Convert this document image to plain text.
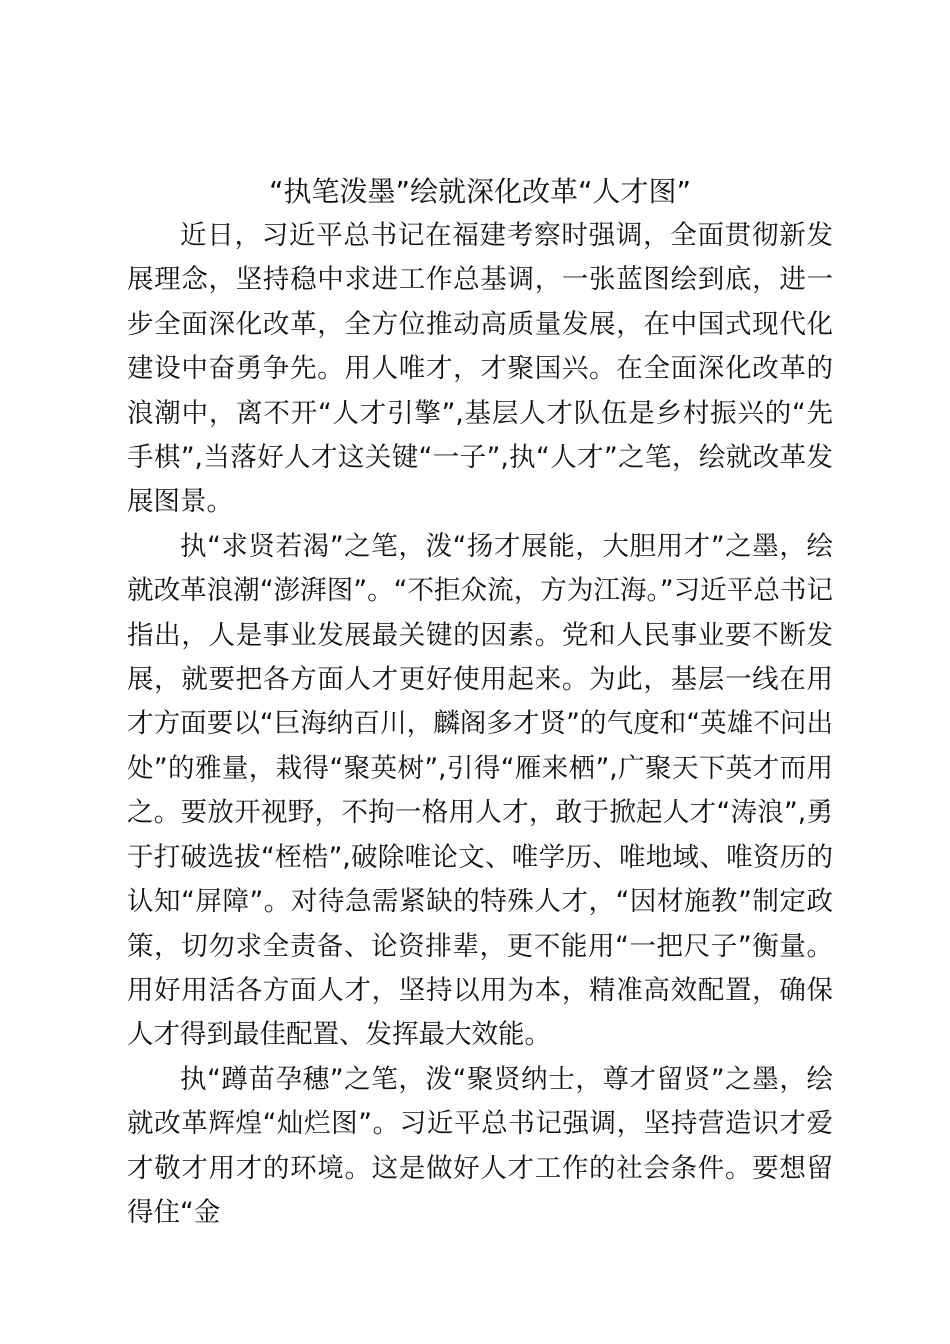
“执笔泼墨”绘就深化改革“人才图”

近日，习近平总书记在福建考察时强调，全面贯彻新发展理念，坚持稳中求进工作总基调，一张蓝图绘到底，进一步全面深化改革，全方位推动高质量发展，在中国式现代化建设中奋勇争先。用人唯才，才聚国兴。在全面深化改革的浪潮中，离不开“人才引擎”,基层人才队伍是乡村振兴的“先手棋”,当落好人才这关键“一子”,执“人才”之笔，绘就改革发展图景。

执“求贤若渴”之笔，泼“扬才展能，大胆用才”之墨，绘就改革浪潮“澎湃图”。“不拒众流，方为江海。”习近平总书记指出，人是事业发展最关键的因素。党和人民事业要不断发展，就要把各方面人才更好使用起来。为此，基层一线在用才方面要以“巨海纳百川，麟阁多才贤”的气度和“英雄不问出处”的雅量，栽得“聚英树”,引得“雁来栖”,广聚天下英才而用之。要放开视野，不拘一格用人才，敢于掀起人才“涛浪”,勇于打破选拔“桎梏”,破除唯论文、唯学历、唯地域、唯资历的认知“屏障”。对待急需紧缺的特殊人才，“因材施教”制定政策，切勿求全责备、论资排辈，更不能用“一把尺子”衡量。用好用活各方面人才，坚持以用为本，精准高效配置，确保人才得到最佳配置、发挥最大效能。

执“蹲苗孕穗”之笔，泼“聚贤纳士，尊才留贤”之墨，绘就改革辉煌“灿烂图”。习近平总书记强调，坚持营造识才爱才敬才用才的环境。这是做好人才工作的社会条件。要想留得住“金
